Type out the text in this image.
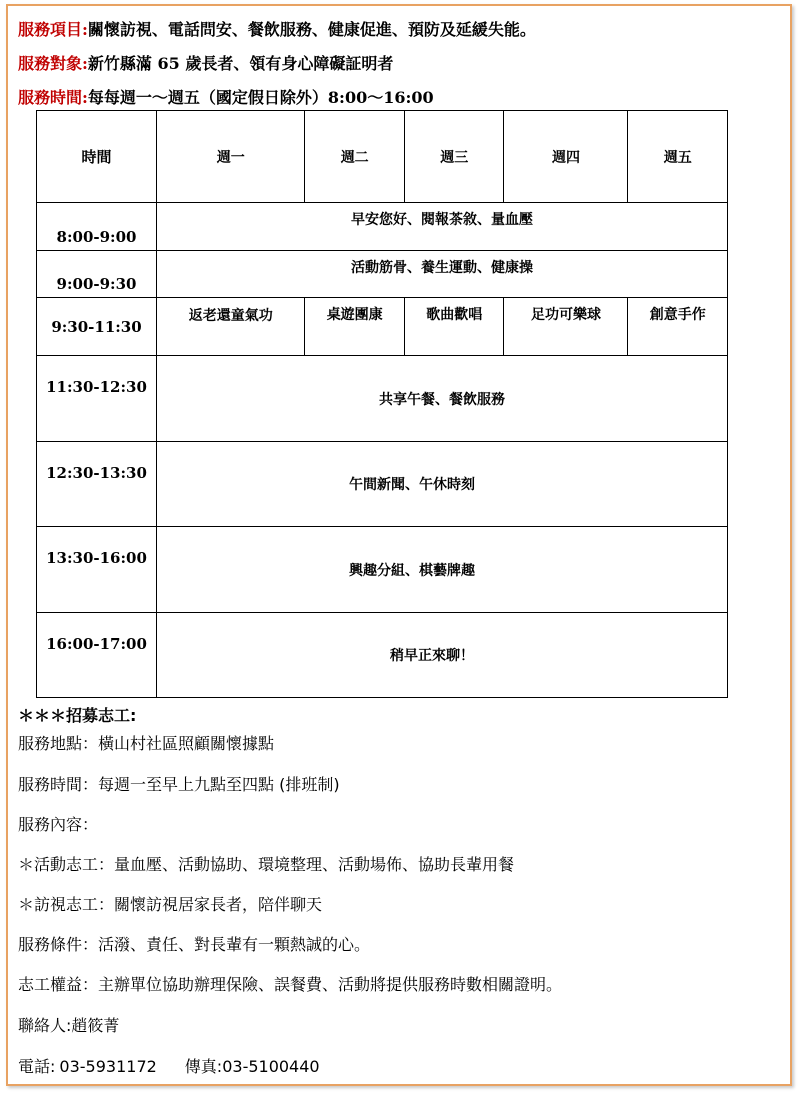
服務項目:關懷訪視、電話問安、餐飲服務、健康促進、預防及延緩失能。
服務對象:新竹縣滿 65 歲長者、領有身心障礙証明者
服務時間:每每週一～週五（國定假日除外）8:00～16:00
時間	週一	週二	週三	週四	週五

8:00-9:00	早安您好、閱報茶敘、量血壓				

9:00-9:30	活動筋骨、養生運動、健康操				

9:30-11:30	返老還童氣功	桌遊團康	歌曲歡唱	足功可樂球	創意手作
11:30-12:30	共享午餐、餐飲服務				
12:30-13:30	午間新聞、午休時刻				
13:30-16:00	興趣分組、棋藝牌趣				
16:00-17:00	稍早正來聊！				
＊＊＊招募志工:
服務地點：橫山村社區照顧關懷據點
服務時間：每週一至早上九點至四點 (排班制)
服務內容：
＊活動志工：量血壓、活動協助、環境整理、活動場佈、協助長輩用餐
＊訪視志工：關懷訪視居家長者，陪伴聊天
服務條件：活潑、責任、對長輩有一顆熱誠的心。
志工權益：主辦單位協助辦理保險、誤餐費、活動將提供服務時數相關證明。
聯絡人:趙筱菁
電話: 03-5931172 傳真:03-5100440
